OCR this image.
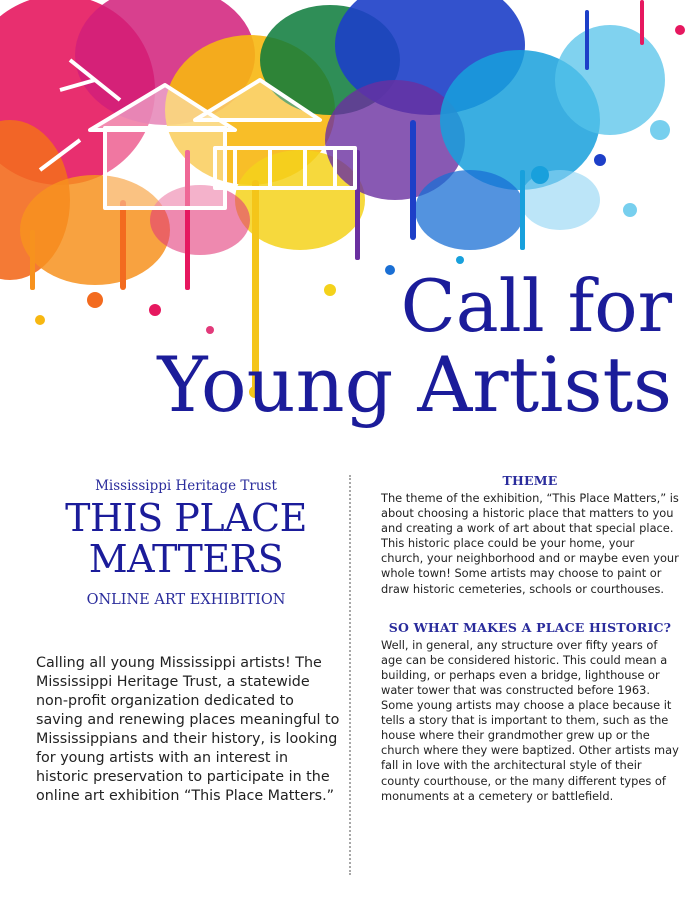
Call for
Young Artists

Mississippi Heritage Trust

THIS PLACE
MATTERS

ONLINE ART EXHIBITION

Calling all young Mississippi artists! The Mississippi Heritage Trust, a statewide non-profit organization dedicated to saving and renewing places meaningful to Mississippians and their history, is looking for young artists with an interest in historic preservation to participate in the online art exhibition “This Place Matters.”

THEME

The theme of the exhibition, “This Place Matters,” is about choosing a historic place that matters to you and creating a work of art about that special place. This historic place could be your home, your church, your neighborhood and or maybe even your whole town! Some artists may choose to paint or draw historic cemeteries, schools or courthouses.

SO WHAT MAKES A PLACE HISTORIC?

Well, in general, any structure over fifty years of age can be considered historic. This could mean a building, or perhaps even a bridge, lighthouse or water tower that was constructed before 1963. Some young artists may choose a place because it tells a story that is important to them, such as the house where their grandmother grew up or the church where they were baptized. Other artists may fall in love with the architectural style of their county courthouse, or the many different types of monuments at a cemetery or battlefield.
